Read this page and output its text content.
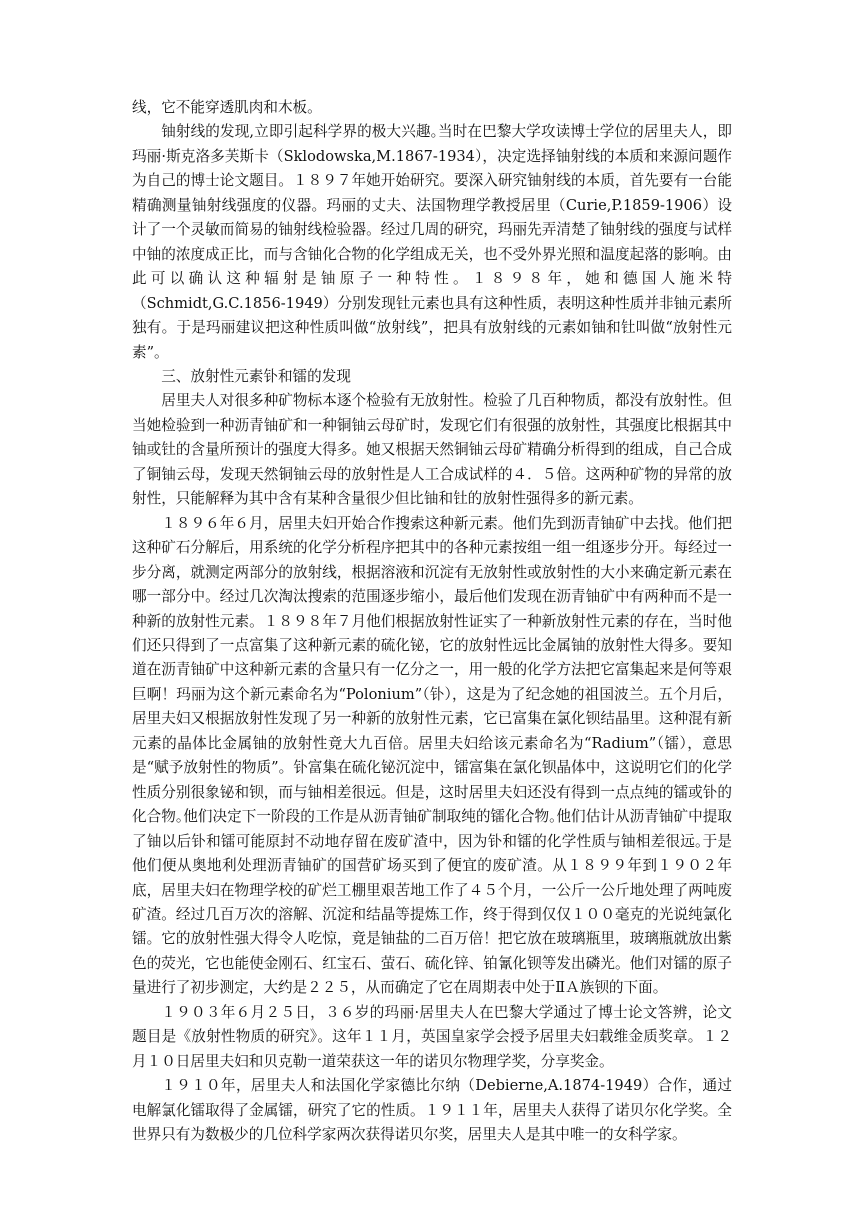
线，它不能穿透肌肉和木板。

铀射线的发现,立即引起科学界的极大兴趣｡当时在巴黎大学攻读博士学位的居里夫人，即玛丽·斯克洛多芙斯卡（Sklodowska,M.1867-1934），决定选择铀射线的本质和来源问题作为自己的博士论文题目。１８９７年她开始研究。要深入研究铀射线的本质，首先要有一台能精确测量铀射线强度的仪器。玛丽的丈夫、法国物理学教授居里（Curie,P.1859-1906）设计了一个灵敏而简易的铀射线检验器。经过几周的研究，玛丽先弄清楚了铀射线的强度与试样中铀的浓度成正比，而与含铀化合物的化学组成无关，也不受外界光照和温度起落的影响。由此可以确认这种辐射是铀原子一种特性。１８９８年，她和德国人施米特（Schmidt,G.C.1856-1949）分别发现钍元素也具有这种性质，表明这种性质并非铀元素所独有。于是玛丽建议把这种性质叫做“放射线”，把具有放射线的元素如铀和钍叫做“放射性元素”。

三、放射性元素钋和镭的发现

居里夫人对很多种矿物标本逐个检验有无放射性。检验了几百种物质，都没有放射性。但当她检验到一种沥青铀矿和一种铜铀云母矿时，发现它们有很强的放射性，其强度比根据其中铀或钍的含量所预计的强度大得多。她又根据天然铜铀云母矿精确分析得到的组成，自己合成了铜铀云母，发现天然铜铀云母的放射性是人工合成试样的４．５倍。这两种矿物的异常的放射性，只能解释为其中含有某种含量很少但比铀和钍的放射性强得多的新元素。

１８９６年６月，居里夫妇开始合作搜索这种新元素。他们先到沥青铀矿中去找。他们把这种矿石分解后，用系统的化学分析程序把其中的各种元素按组一组一组逐步分开。每经过一步分离，就测定两部分的放射线，根据溶液和沉淀有无放射性或放射性的大小来确定新元素在哪一部分中。经过几次淘汰搜索的范围逐步缩小，最后他们发现在沥青铀矿中有两种而不是一种新的放射性元素。１８９８年７月他们根据放射性证实了一种新放射性元素的存在，当时他们还只得到了一点富集了这种新元素的硫化铋，它的放射性远比金属铀的放射性大得多。要知道在沥青铀矿中这种新元素的含量只有一亿分之一，用一般的化学方法把它富集起来是何等艰巨啊！玛丽为这个新元素命名为“Polonium”（钋），这是为了纪念她的祖国波兰。五个月后，居里夫妇又根据放射性发现了另一种新的放射性元素，它已富集在氯化钡结晶里。这种混有新元素的晶体比金属铀的放射性竟大九百倍。居里夫妇给该元素命名为“Radium”（镭），意思是“赋予放射性的物质”。钋富集在硫化铋沉淀中，镭富集在氯化钡晶体中，这说明它们的化学性质分别很象铋和钡，而与铀相差很远。但是，这时居里夫妇还没有得到一点点纯的镭或钋的化合物｡他们决定下一阶段的工作是从沥青铀矿制取纯的镭化合物｡他们估计从沥青铀矿中提取了铀以后钋和镭可能原封不动地存留在废矿渣中，因为钋和镭的化学性质与铀相差很远｡于是他们便从奥地利处理沥青铀矿的国营矿场买到了便宜的废矿渣。从１８９９年到１９０２年底，居里夫妇在物理学校的矿烂工棚里艰苦地工作了４５个月，一公斤一公斤地处理了两吨废矿渣。经过几百万次的溶解、沉淀和结晶等提炼工作，终于得到仅仅１００毫克的光说纯氯化镭。它的放射性强大得令人吃惊，竟是铀盐的二百万倍！把它放在玻璃瓶里，玻璃瓶就放出紫色的荧光，它也能使金刚石、红宝石、萤石、硫化锌、铂氰化钡等发出磷光。他们对镭的原子量进行了初步测定，大约是２２５，从而确定了它在周期表中处于ⅡＡ族钡的下面。

１９０３年６月２５日，３６岁的玛丽·居里夫人在巴黎大学通过了博士论文答辨，论文题目是《放射性物质的研究》。这年１１月，英国皇家学会授予居里夫妇载维金质奖章。１２月１０日居里夫妇和贝克勒一道荣获这一年的诺贝尔物理学奖，分享奖金。

１９１０年，居里夫人和法国化学家德比尔纳（Debierne,A.1874-1949）合作，通过电解氯化镭取得了金属镭，研究了它的性质。１９１１年，居里夫人获得了诺贝尔化学奖。全世界只有为数极少的几位科学家两次获得诺贝尔奖，居里夫人是其中唯一的女科学家。
